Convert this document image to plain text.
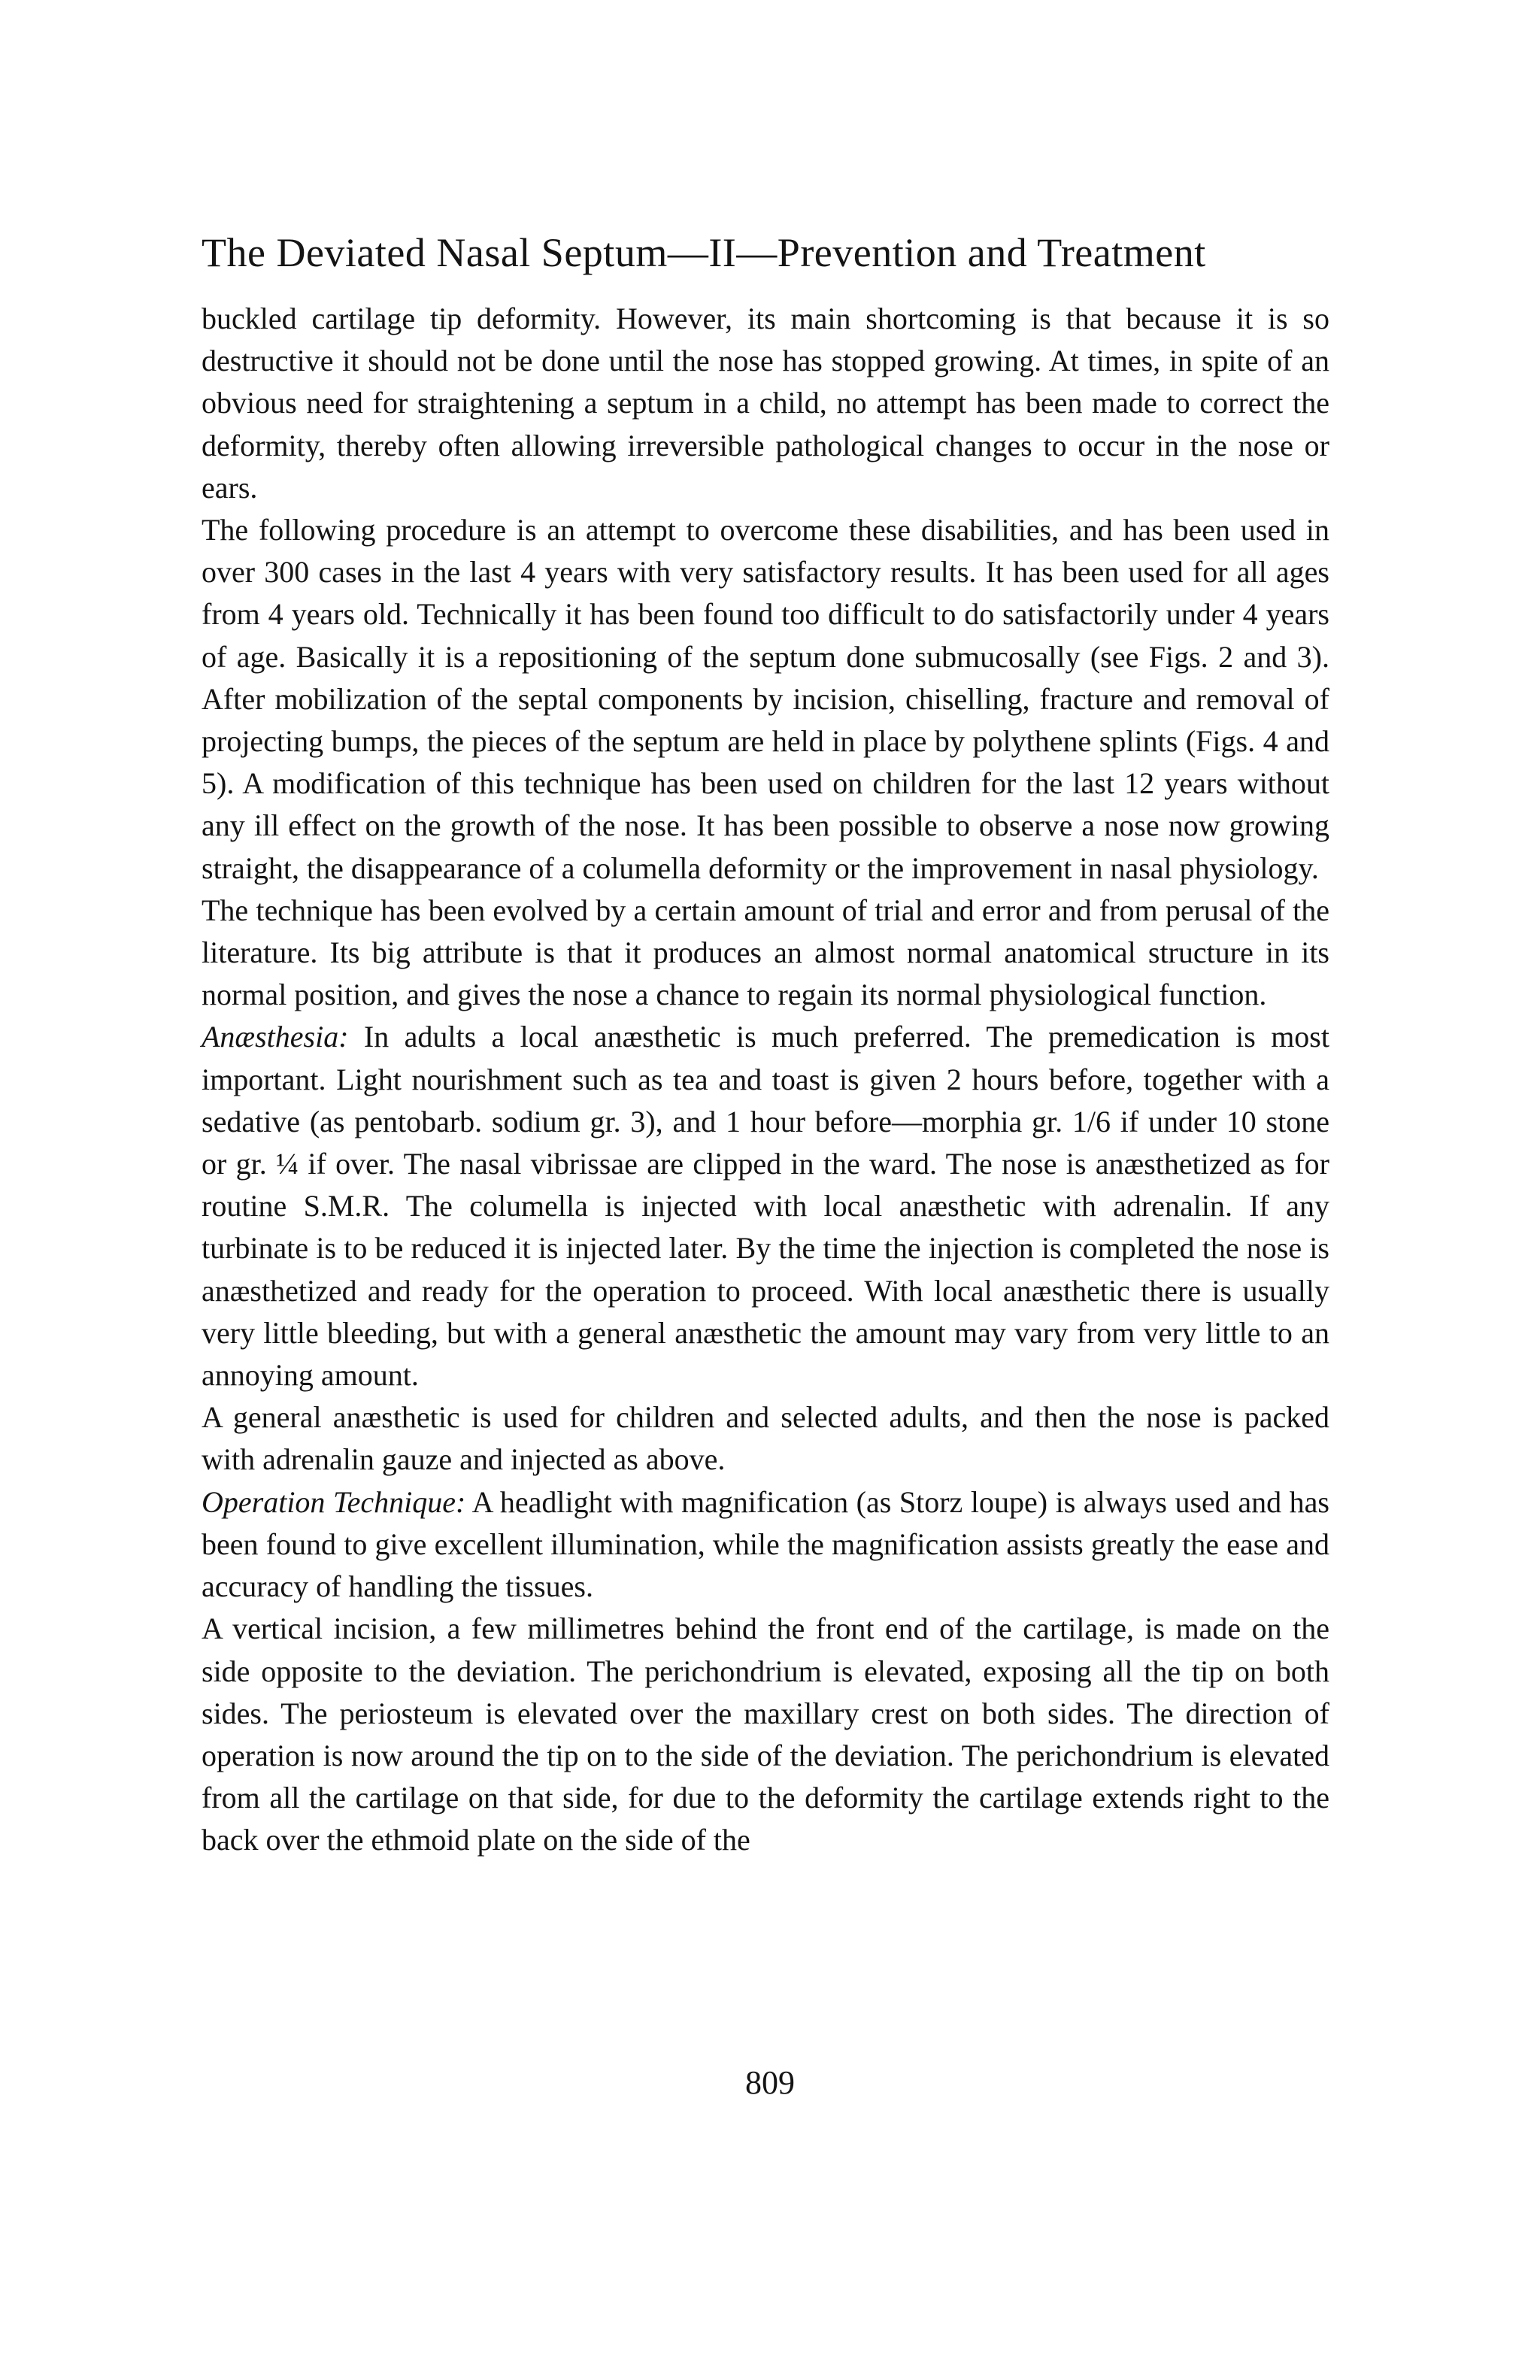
The Deviated Nasal Septum—II—Prevention and Treatment

buckled cartilage tip deformity. However, its main shortcoming is that because it is so destructive it should not be done until the nose has stopped growing. At times, in spite of an obvious need for straightening a septum in a child, no attempt has been made to correct the deformity, thereby often allowing irreversible pathological changes to occur in the nose or ears.

The following procedure is an attempt to overcome these disabilities, and has been used in over 300 cases in the last 4 years with very satisfactory results. It has been used for all ages from 4 years old. Technically it has been found too difficult to do satisfactorily under 4 years of age. Basically it is a repositioning of the septum done submucosally (see Figs. 2 and 3). After mobilization of the septal components by incision, chiselling, fracture and removal of projecting bumps, the pieces of the septum are held in place by polythene splints (Figs. 4 and 5). A modification of this technique has been used on children for the last 12 years without any ill effect on the growth of the nose. It has been possible to observe a nose now growing straight, the disappearance of a columella deformity or the improvement in nasal physiology.

The technique has been evolved by a certain amount of trial and error and from perusal of the literature. Its big attribute is that it produces an almost normal anatomical structure in its normal position, and gives the nose a chance to regain its normal physiological function.

Anæsthesia: In adults a local anæsthetic is much preferred. The premedication is most important. Light nourishment such as tea and toast is given 2 hours before, together with a sedative (as pentobarb. sodium gr. 3), and 1 hour before—morphia gr. 1/6 if under 10 stone or gr. ¼ if over. The nasal vibrissae are clipped in the ward. The nose is anæsthetized as for routine S.M.R. The columella is injected with local anæsthetic with adrenalin. If any turbinate is to be reduced it is injected later. By the time the injection is completed the nose is anæsthetized and ready for the operation to proceed. With local anæsthetic there is usually very little bleeding, but with a general anæsthetic the amount may vary from very little to an annoying amount.

A general anæsthetic is used for children and selected adults, and then the nose is packed with adrenalin gauze and injected as above.

Operation Technique: A headlight with magnification (as Storz loupe) is always used and has been found to give excellent illumination, while the magnification assists greatly the ease and accuracy of handling the tissues.

A vertical incision, a few millimetres behind the front end of the cartilage, is made on the side opposite to the deviation. The perichondrium is elevated, exposing all the tip on both sides. The periosteum is elevated over the maxillary crest on both sides. The direction of operation is now around the tip on to the side of the deviation. The perichondrium is elevated from all the cartilage on that side, for due to the deformity the cartilage extends right to the back over the ethmoid plate on the side of the

809
